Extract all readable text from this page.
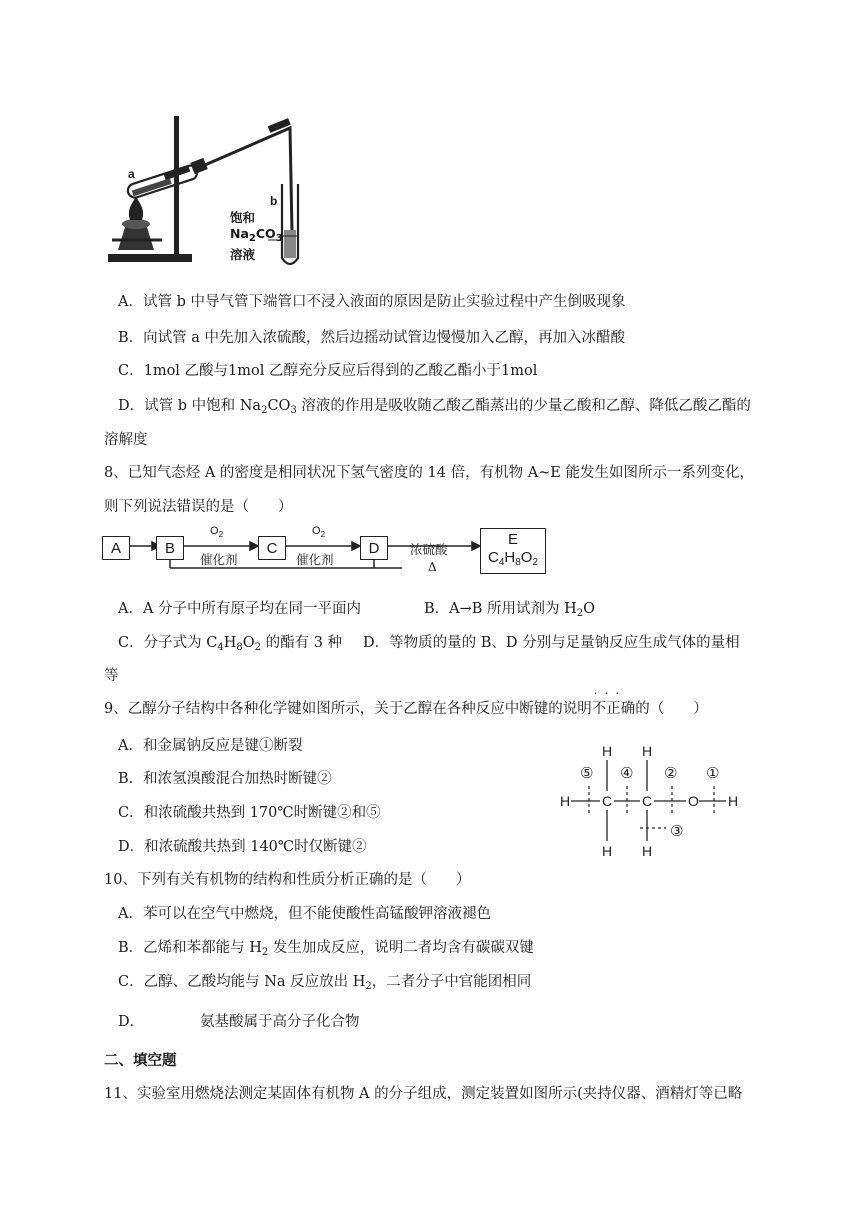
a
b
饱和
$Na_2CO_3$
溶液
A．试管 b 中导气管下端管口不浸入液面的原因是防止实验过程中产生倒吸现象
B．向试管 a 中先加入浓硫酸，然后边摇动试管边慢慢加入乙醇，再加入冰醋酸
C．1mol 乙酸与1mol 乙醇充分反应后得到的乙酸乙酯小于1mol
D．试管 b 中饱和 $Na_2CO_3$ 溶液的作用是吸收随乙酸乙酯蒸出的少量乙酸和乙醇、降低乙酸乙酯的
溶解度
8、已知气态烃 A 的密度是相同状况下氢气密度的 14 倍，有机物 A~E 能发生如图所示一系列变化，
则下列说法错误的是（　　）
A	B	C	D
E
$C_4H_8O_2$
$O_2$	$O_2$
催化剂	催化剂
浓硫酸
Δ
A．A 分子中所有原子均在同一平面内	B．A→B 所用试剂为 $H_2O$
C．分子式为 $C_4H_8O_2$ 的酯有 3 种 D．等物质的量的 B、D 分别与足量钠反应生成气体的量相
等
9、乙醇分子结构中各种化学键如图所示，关于乙醇在各种反应中断键的说明不正确 · · ·的（　　）
A．和金属钠反应是键①断裂
B．和浓氢溴酸混合加热时断键②
C．和浓硫酸共热到 170℃时断键②和⑤
D．和浓硫酸共热到 140℃时仅断键②
H H
H C C	O H
H H
⑤ ④ ② ①
③
10、下列有关有机物的结构和性质分析正确的是（　　）
A．苯可以在空气中燃烧，但不能使酸性高锰酸钾溶液褪色
B．乙烯和苯都能与 $H_2$ 发生加成反应，说明二者均含有碳碳双键
C．乙醇、乙酸均能与 Na 反应放出 $H_2$，二者分子中官能团相同
D．	氨基酸属于高分子化合物
二、填空题
11、实验室用燃烧法测定某固体有机物 A 的分子组成，测定装置如图所示(夹持仪器、酒精灯等已略
